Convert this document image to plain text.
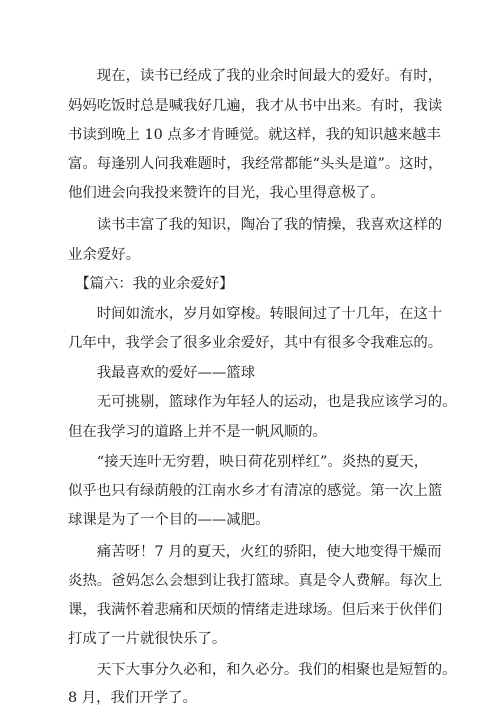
　　现在，读书已经成了我的业余时间最大的爱好。有时，
妈妈吃饭时总是喊我好几遍，我才从书中出来。有时，我读
书读到晚上 10 点多才肯睡觉。就这样，我的知识越来越丰
富。每逢别人问我难题时，我经常都能“头头是道”。这时，
他们进会向我投来赞许的目光，我心里得意极了。
　　读书丰富了我的知识，陶冶了我的情操，我喜欢这样的
业余爱好。
　【篇六：我的业余爱好】
　　时间如流水，岁月如穿梭。转眼间过了十几年，在这十
几年中，我学会了很多业余爱好，其中有很多令我难忘的。
　　我最喜欢的爱好——篮球
　　无可挑剔，篮球作为年轻人的运动，也是我应该学习的。
但在我学习的道路上并不是一帆风顺的。
　　“接天连叶无穷碧，映日荷花别样红”。炎热的夏天，
似乎也只有绿荫般的江南水乡才有清凉的感觉。第一次上篮
球课是为了一个目的——减肥。
　　痛苦呀！7 月的夏天，火红的骄阳，使大地变得干燥而
炎热。爸妈怎么会想到让我打篮球。真是令人费解。每次上
课，我满怀着悲痛和厌烦的情绪走进球场。但后来于伙伴们
打成了一片就很快乐了。
　　天下大事分久必和，和久必分。我们的相聚也是短暂的。
8 月，我们开学了。
